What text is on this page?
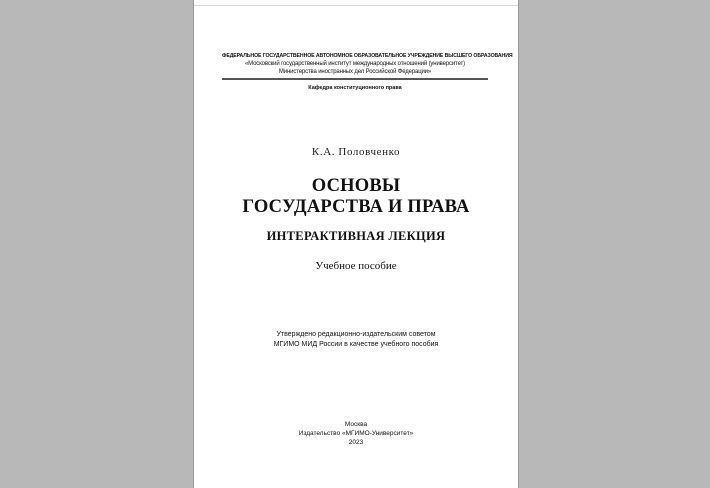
ФЕДЕРАЛЬНОЕ ГОСУДАРСТВЕННОЕ АВТОНОМНОЕ ОБРАЗОВАТЕЛЬНОЕ УЧРЕЖДЕНИЕ ВЫСШЕГО ОБРАЗОВАНИЯ
«Московский государственный институт международных отношений (университет)
Министерства иностранных дел Российской Федерации»
Кафедра конституционного права
К.А. Половченко
ОСНОВЫ
ГОСУДАРСТВА И ПРАВА
ИНТЕРАКТИВНАЯ ЛЕКЦИЯ
Учебное пособие
Утверждено редакционно-издательским советом
МГИМО МИД России в качестве учебного пособия
Москва
Издательство «МГИМО-Университет»
2023
